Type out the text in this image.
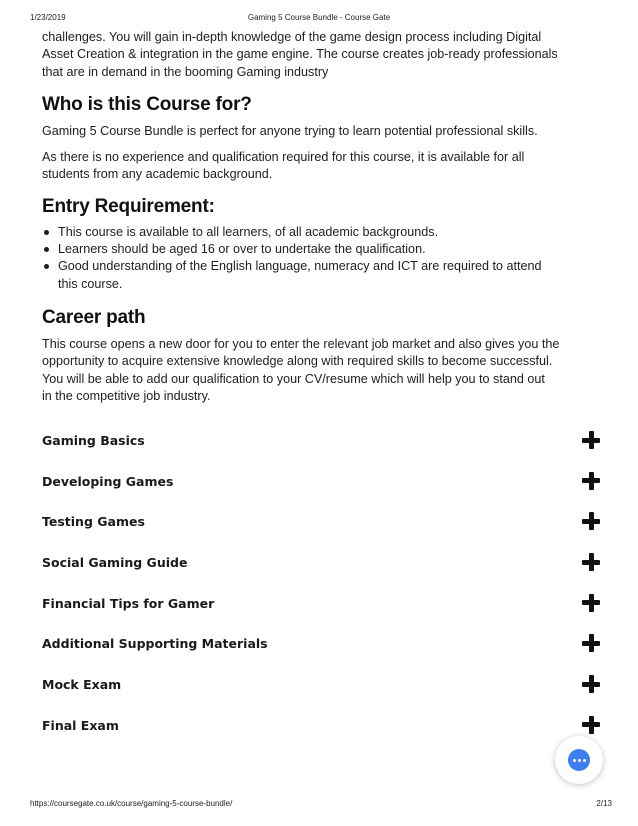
1/23/2019	Gaming 5 Course Bundle - Course Gate

challenges. You will gain in-depth knowledge of the game design process including Digital
Asset Creation & integration in the game engine. The course creates job-ready professionals
that are in demand in the booming Gaming industry

Who is this Course for?

Gaming 5 Course Bundle is perfect for anyone trying to learn potential professional skills.

As there is no experience and qualification required for this course, it is available for all
students from any academic background.

Entry Requirement:
This course is available to all learners, of all academic backgrounds.
Learners should be aged 16 or over to undertake the qualification.
Good understanding of the English language, numeracy and ICT are required to attend
this course.
Career path

This course opens a new door for you to enter the relevant job market and also gives you the
opportunity to acquire extensive knowledge along with required skills to become successful.
You will be able to add our qualification to your CV/resume which will help you to stand out
in the competitive job industry.

Gaming Basics
Developing Games
Testing Games
Social Gaming Guide
Financial Tips for Gamer
Additional Supporting Materials
Mock Exam
Final Exam
https://coursegate.co.uk/course/gaming-5-course-bundle/	2/13
